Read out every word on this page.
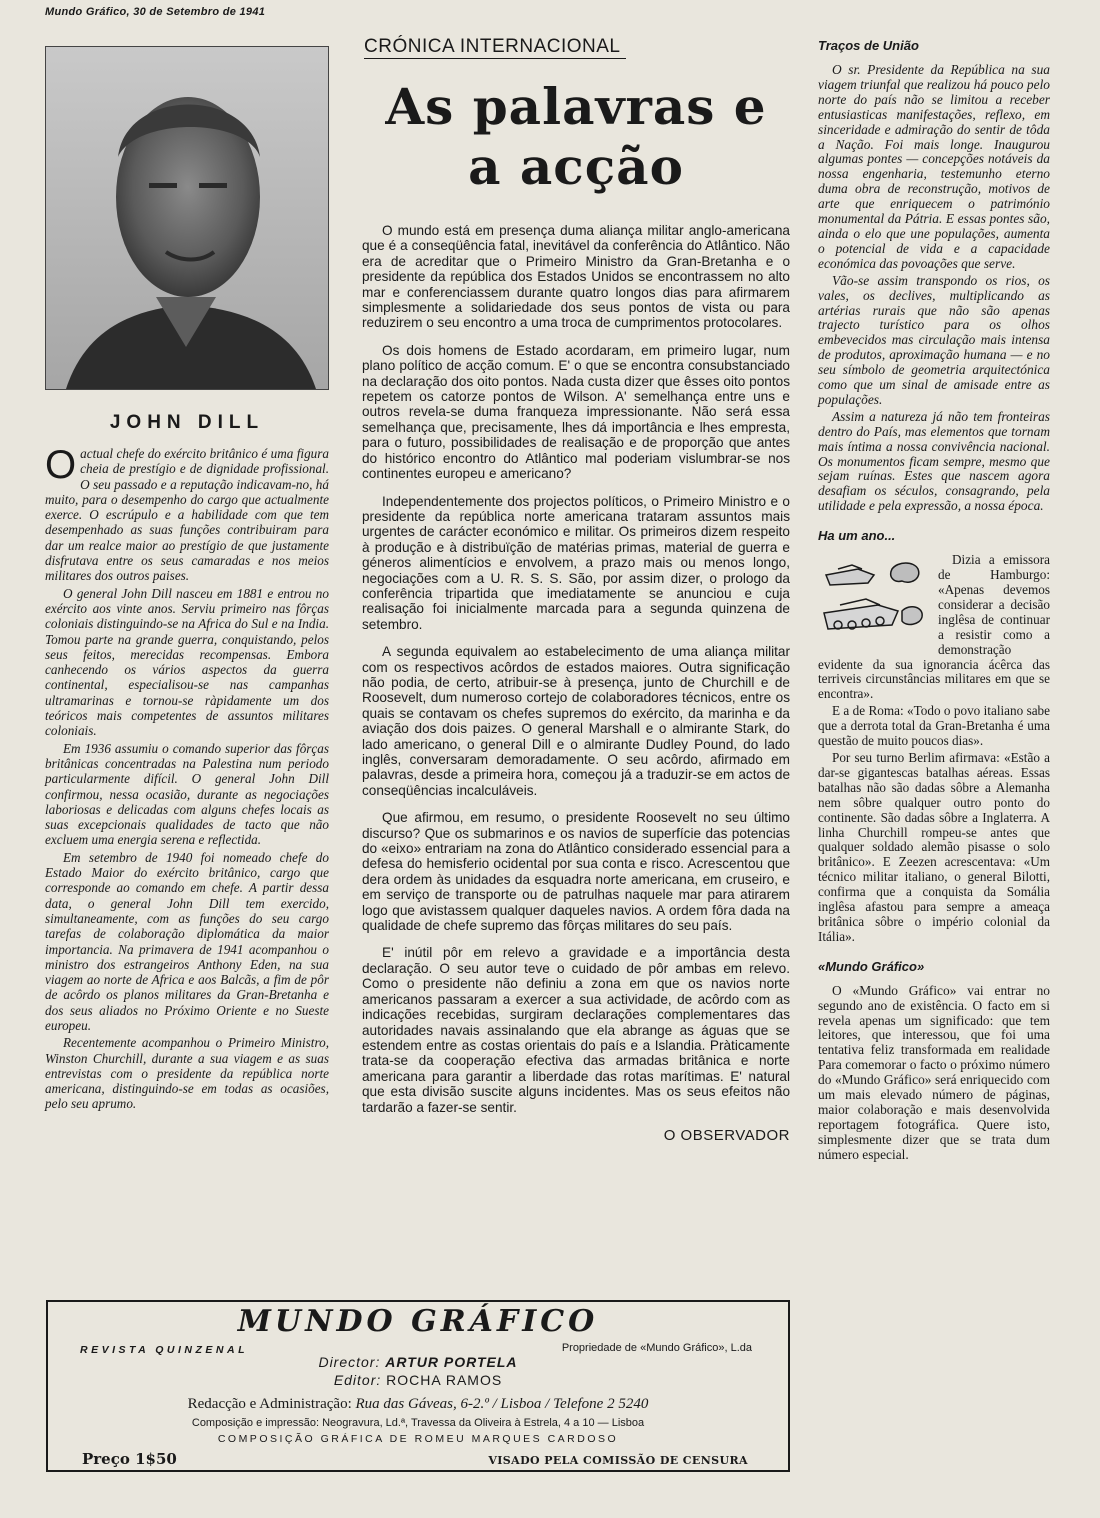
Mundo Gráfico, 30 de Setembro de 1941
JOHN DILL

Oactual chefe do exército britânico é uma figura cheia de prestígio e de dignidade profissional. O seu passado e a reputação indicavam-no, há muito, para o desempenho do cargo que actualmente exerce. O escrúpulo e a habilidade com que tem desempenhado as suas funções contribuiram para dar um realce maior ao prestígio de que justamente disfrutava entre os seus camaradas e nos meios militares dos outros paises.

O general John Dill nasceu em 1881 e entrou no exército aos vinte anos. Serviu primeiro nas fôrças coloniais distinguindo-se na Africa do Sul e na India. Tomou parte na grande guerra, conquistando, pelos seus feitos, merecidas recompensas. Embora canhecendo os vários aspectos da guerra continental, especialisou-se nas campanhas ultramarinas e tornou-se ràpidamente um dos teóricos mais competentes de assuntos militares coloniais.

Em 1936 assumiu o comando superior das fôrças britânicas concentradas na Palestina num periodo particularmente difícil. O general John Dill confirmou, nessa ocasião, durante as negociações laboriosas e delicadas com alguns chefes locais as suas excepcionais qualidades de tacto que não excluem uma energia serena e reflectida.

Em setembro de 1940 foi nomeado chefe do Estado Maior do exército britânico, cargo que corresponde ao comando em chefe. A partir dessa data, o general John Dill tem exercido, simultaneamente, com as funções do seu cargo tarefas de colaboração diplomática da maior importancia. Na primavera de 1941 acompanhou o ministro dos estrangeiros Anthony Eden, na sua viagem ao norte de Africa e aos Balcãs, a fim de pôr de acôrdo os planos militares da Gran-Bretanha e dos seus aliados no Próximo Oriente e no Sueste europeu.

Recentemente acompanhou o Primeiro Ministro, Winston Churchill, durante a sua viagem e as suas entrevistas com o presidente da república norte americana, distinguindo-se em todas as ocasiões, pelo seu aprumo.

CRÓNICA INTERNACIONAL
As palavras e a acção

O mundo está em presença duma aliança militar anglo-americana que é a conseqüência fatal, inevitável da conferência do Atlântico. Não era de acreditar que o Primeiro Ministro da Gran-Bretanha e o presidente da república dos Estados Unidos se encontrassem no alto mar e conferenciassem durante quatro longos dias para afirmarem simplesmente a solidariedade dos seus pontos de vista ou para reduzirem o seu encontro a uma troca de cumprimentos protocolares.

Os dois homens de Estado acordaram, em primeiro lugar, num plano político de acção comum. E' o que se encontra consubstanciado na declaração dos oito pontos. Nada custa dizer que êsses oito pontos repetem os catorze pontos de Wilson. A' semelhança entre uns e outros revela-se duma franqueza impressionante. Não será essa semelhança que, precisamente, lhes dá importância e lhes empresta, para o futuro, possibilidades de realisação e de proporção que antes do histórico encontro do Atlântico mal poderiam vislumbrar-se nos continentes europeu e americano?

Independentemente dos projectos políticos, o Primeiro Ministro e o presidente da república norte americana trataram assuntos mais urgentes de carácter económico e militar. Os primeiros dizem respeito à produção e à distribuïção de matérias primas, material de guerra e géneros alimentícios e envolvem, a prazo mais ou menos longo, negociações com a U. R. S. S. São, por assim dizer, o prologo da conferência tripartida que imediatamente se anunciou e cuja realisação foi inicialmente marcada para a segunda quinzena de setembro.

A segunda equivalem ao estabelecimento de uma aliança militar com os respectivos acôrdos de estados maiores. Outra significação não podia, de certo, atribuir-se à presença, junto de Churchill e de Roosevelt, dum numeroso cortejo de colaboradores técnicos, entre os quais se contavam os chefes supremos do exército, da marinha e da aviação dos dois paizes. O general Marshall e o almirante Stark, do lado americano, o general Dill e o almirante Dudley Pound, do lado inglês, conversaram demoradamente. O seu acôrdo, afirmado em palavras, desde a primeira hora, começou já a traduzir-se em actos de conseqüências incalculáveis.

Que afirmou, em resumo, o presidente Roosevelt no seu último discurso? Que os submarinos e os navios de superfície das potencias do «eixo» entrariam na zona do Atlântico considerado essencial para a defesa do hemisferio ocidental por sua conta e risco. Acrescentou que dera ordem às unidades da esquadra norte americana, em cruseiro, e em serviço de transporte ou de patrulhas naquele mar para atirarem logo que avistassem qualquer daqueles navios. A ordem fôra dada na qualidade de chefe supremo das fôrças militares do seu país.

E' inútil pôr em relevo a gravidade e a importância desta declaração. O seu autor teve o cuidado de pôr ambas em relevo. Como o presidente não definiu a zona em que os navios norte americanos passaram a exercer a sua actividade, de acôrdo com as indicações recebidas, surgiram declarações complementares das autoridades navais assinalando que ela abrange as águas que se estendem entre as costas orientais do país e a Islandia. Pràticamente trata-se da cooperação efectiva das armadas britânica e norte americana para garantir a liberdade das rotas marítimas. E' natural que esta divisão suscite alguns incidentes. Mas os seus efeitos não tardarão a fazer-se sentir.

O OBSERVADOR
Traços de União

O sr. Presidente da República na sua viagem triunfal que realizou há pouco pelo norte do país não se limitou a receber entusiasticas manifestações, reflexo, em sinceridade e admiração do sentir de tôda a Nação. Foi mais longe. Inaugurou algumas pontes — concepções notáveis da nossa engenharia, testemunho eterno duma obra de reconstrução, motivos de arte que enriquecem o património monumental da Pátria. E essas pontes são, ainda o elo que une populações, aumenta o potencial de vida e a capacidade económica das povoações que serve.

Vão-se assim transpondo os rios, os vales, os declives, multiplicando as artérias rurais que não são apenas trajecto turístico para os olhos embevecidos mas circulação mais intensa de produtos, aproximação humana — e no seu símbolo de geometria arquitectónica como que um sinal de amisade entre as populações.

Assim a natureza já não tem fronteiras dentro do País, mas elementos que tornam mais íntima a nossa convivência nacional. Os monumentos ficam sempre, mesmo que sejam ruínas. Estes que nascem agora desafiam os séculos, consagrando, pela utilidade e pela expressão, a nossa época.

Ha um ano...

Dizia a emissora de Hamburgo: «Apenas devemos considerar a decisão inglêsa de continuar a resistir como a demonstração evidente da sua ignorancia ácêrca das terriveis circunstâncias militares em que se encontra».

E a de Roma: «Todo o povo italiano sabe que a derrota total da Gran-Bretanha é uma questão de muito poucos dias».

Por seu turno Berlim afirmava: «Estão a dar-se gigantescas batalhas aéreas. Essas batalhas não são dadas sôbre a Alemanha nem sôbre qualquer outro ponto do continente. São dadas sôbre a Inglaterra. A linha Churchill rompeu-se antes que qualquer soldado alemão pisasse o solo britânico». E Zeezen acrescentava: «Um técnico militar italiano, o general Bilotti, confirma que a conquista da Somália inglêsa afastou para sempre a ameaça britânica sôbre o império colonial da Itália».

«Mundo Gráfico»

O «Mundo Gráfico» vai entrar no segundo ano de existência. O facto em si revela apenas um significado: que tem leitores, que interessou, que foi uma tentativa feliz transformada em realidade Para comemorar o facto o próximo número do «Mundo Gráfico» será enriquecido com um mais elevado número de páginas, maior colaboração e mais desenvolvida reportagem fotográfica. Quere isto, simplesmente dizer que se trata dum número especial.

MUNDO GRÁFICO
REVISTA QUINZENAL	Propriedade de «Mundo Gráfico», L.da
Director: ARTUR PORTELA
Editor: ROCHA RAMOS
Redacção e Administração: Rua das Gáveas, 6-2.º / Lisboa / Telefone 2 5240
Composição e impressão: Neogravura, Ld.ª, Travessa da Oliveira à Estrela, 4 a 10 — Lisboa
COMPOSIÇÃO GRÁFICA DE ROMEU MARQUES CARDOSO
Preço 1$50	VISADO PELA COMISSÃO DE CENSURA
